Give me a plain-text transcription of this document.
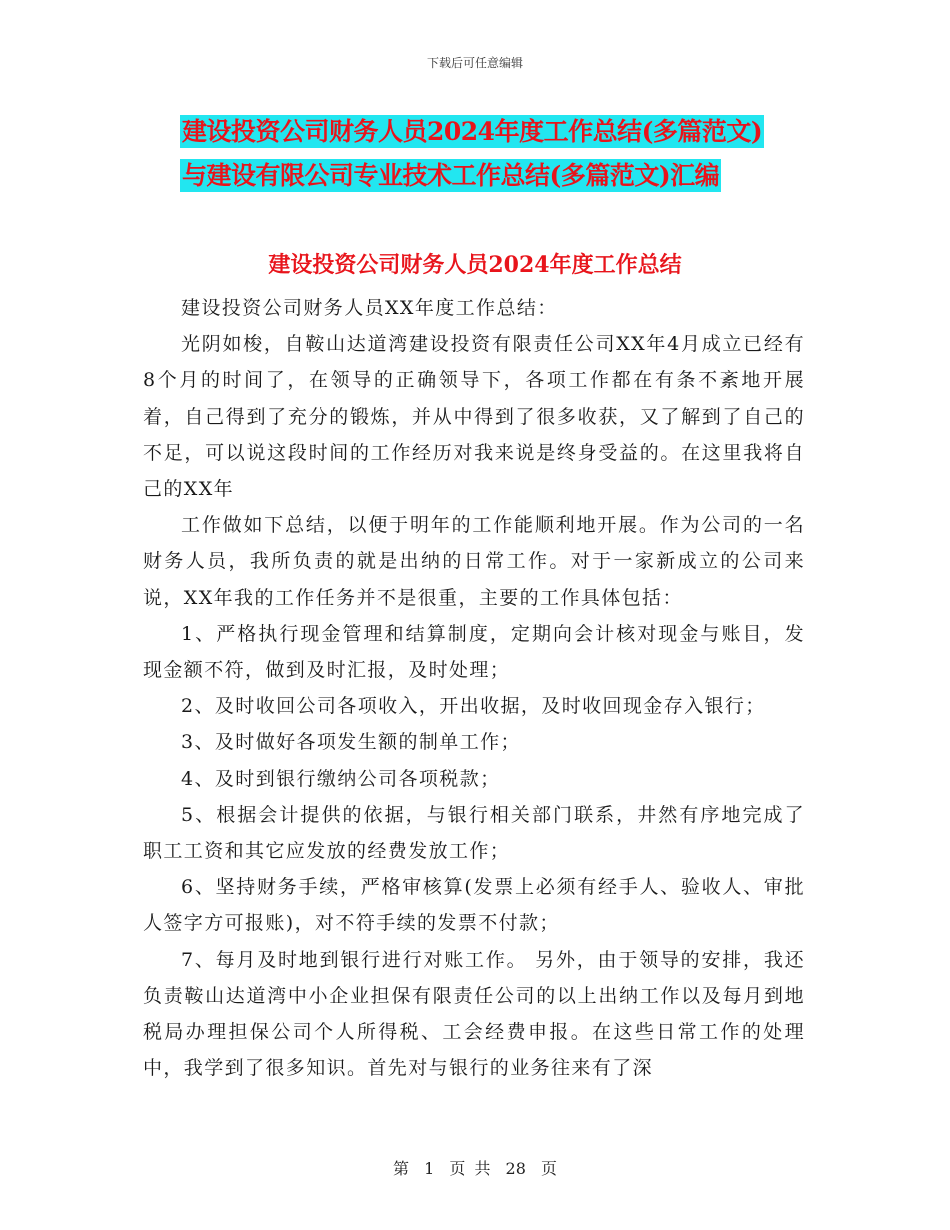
下载后可任意编辑
建设投资公司财务人员2024年度工作总结(多篇范文)
与建设有限公司专业技术工作总结(多篇范文)汇编
建设投资公司财务人员2024年度工作总结

建设投资公司财务人员XX年度工作总结：

光阴如梭，自鞍山达道湾建设投资有限责任公司XX年4月成立已经有8个月的时间了，在领导的正确领导下，各项工作都在有条不紊地开展着，自己得到了充分的锻炼，并从中得到了很多收获，又了解到了自己的不足，可以说这段时间的工作经历对我来说是终身受益的。在这里我将自己的XX年

工作做如下总结，以便于明年的工作能顺利地开展。作为公司的一名财务人员，我所负责的就是出纳的日常工作。对于一家新成立的公司来说，XX年我的工作任务并不是很重，主要的工作具体包括：

1、严格执行现金管理和结算制度，定期向会计核对现金与账目，发现金额不符，做到及时汇报，及时处理；

2、及时收回公司各项收入，开出收据，及时收回现金存入银行；

3、及时做好各项发生额的制单工作；

4、及时到银行缴纳公司各项税款；

5、根据会计提供的依据，与银行相关部门联系，井然有序地完成了职工工资和其它应发放的经费发放工作；

6、坚持财务手续，严格审核算(发票上必须有经手人、验收人、审批人签字方可报账)，对不符手续的发票不付款；

7、每月及时地到银行进行对账工作。 另外，由于领导的安排，我还负责鞍山达道湾中小企业担保有限责任公司的以上出纳工作以及每月到地税局办理担保公司个人所得税、工会经费申报。在这些日常工作的处理中，我学到了很多知识。首先对与银行的业务往来有了深

第 1 页 共 28 页
